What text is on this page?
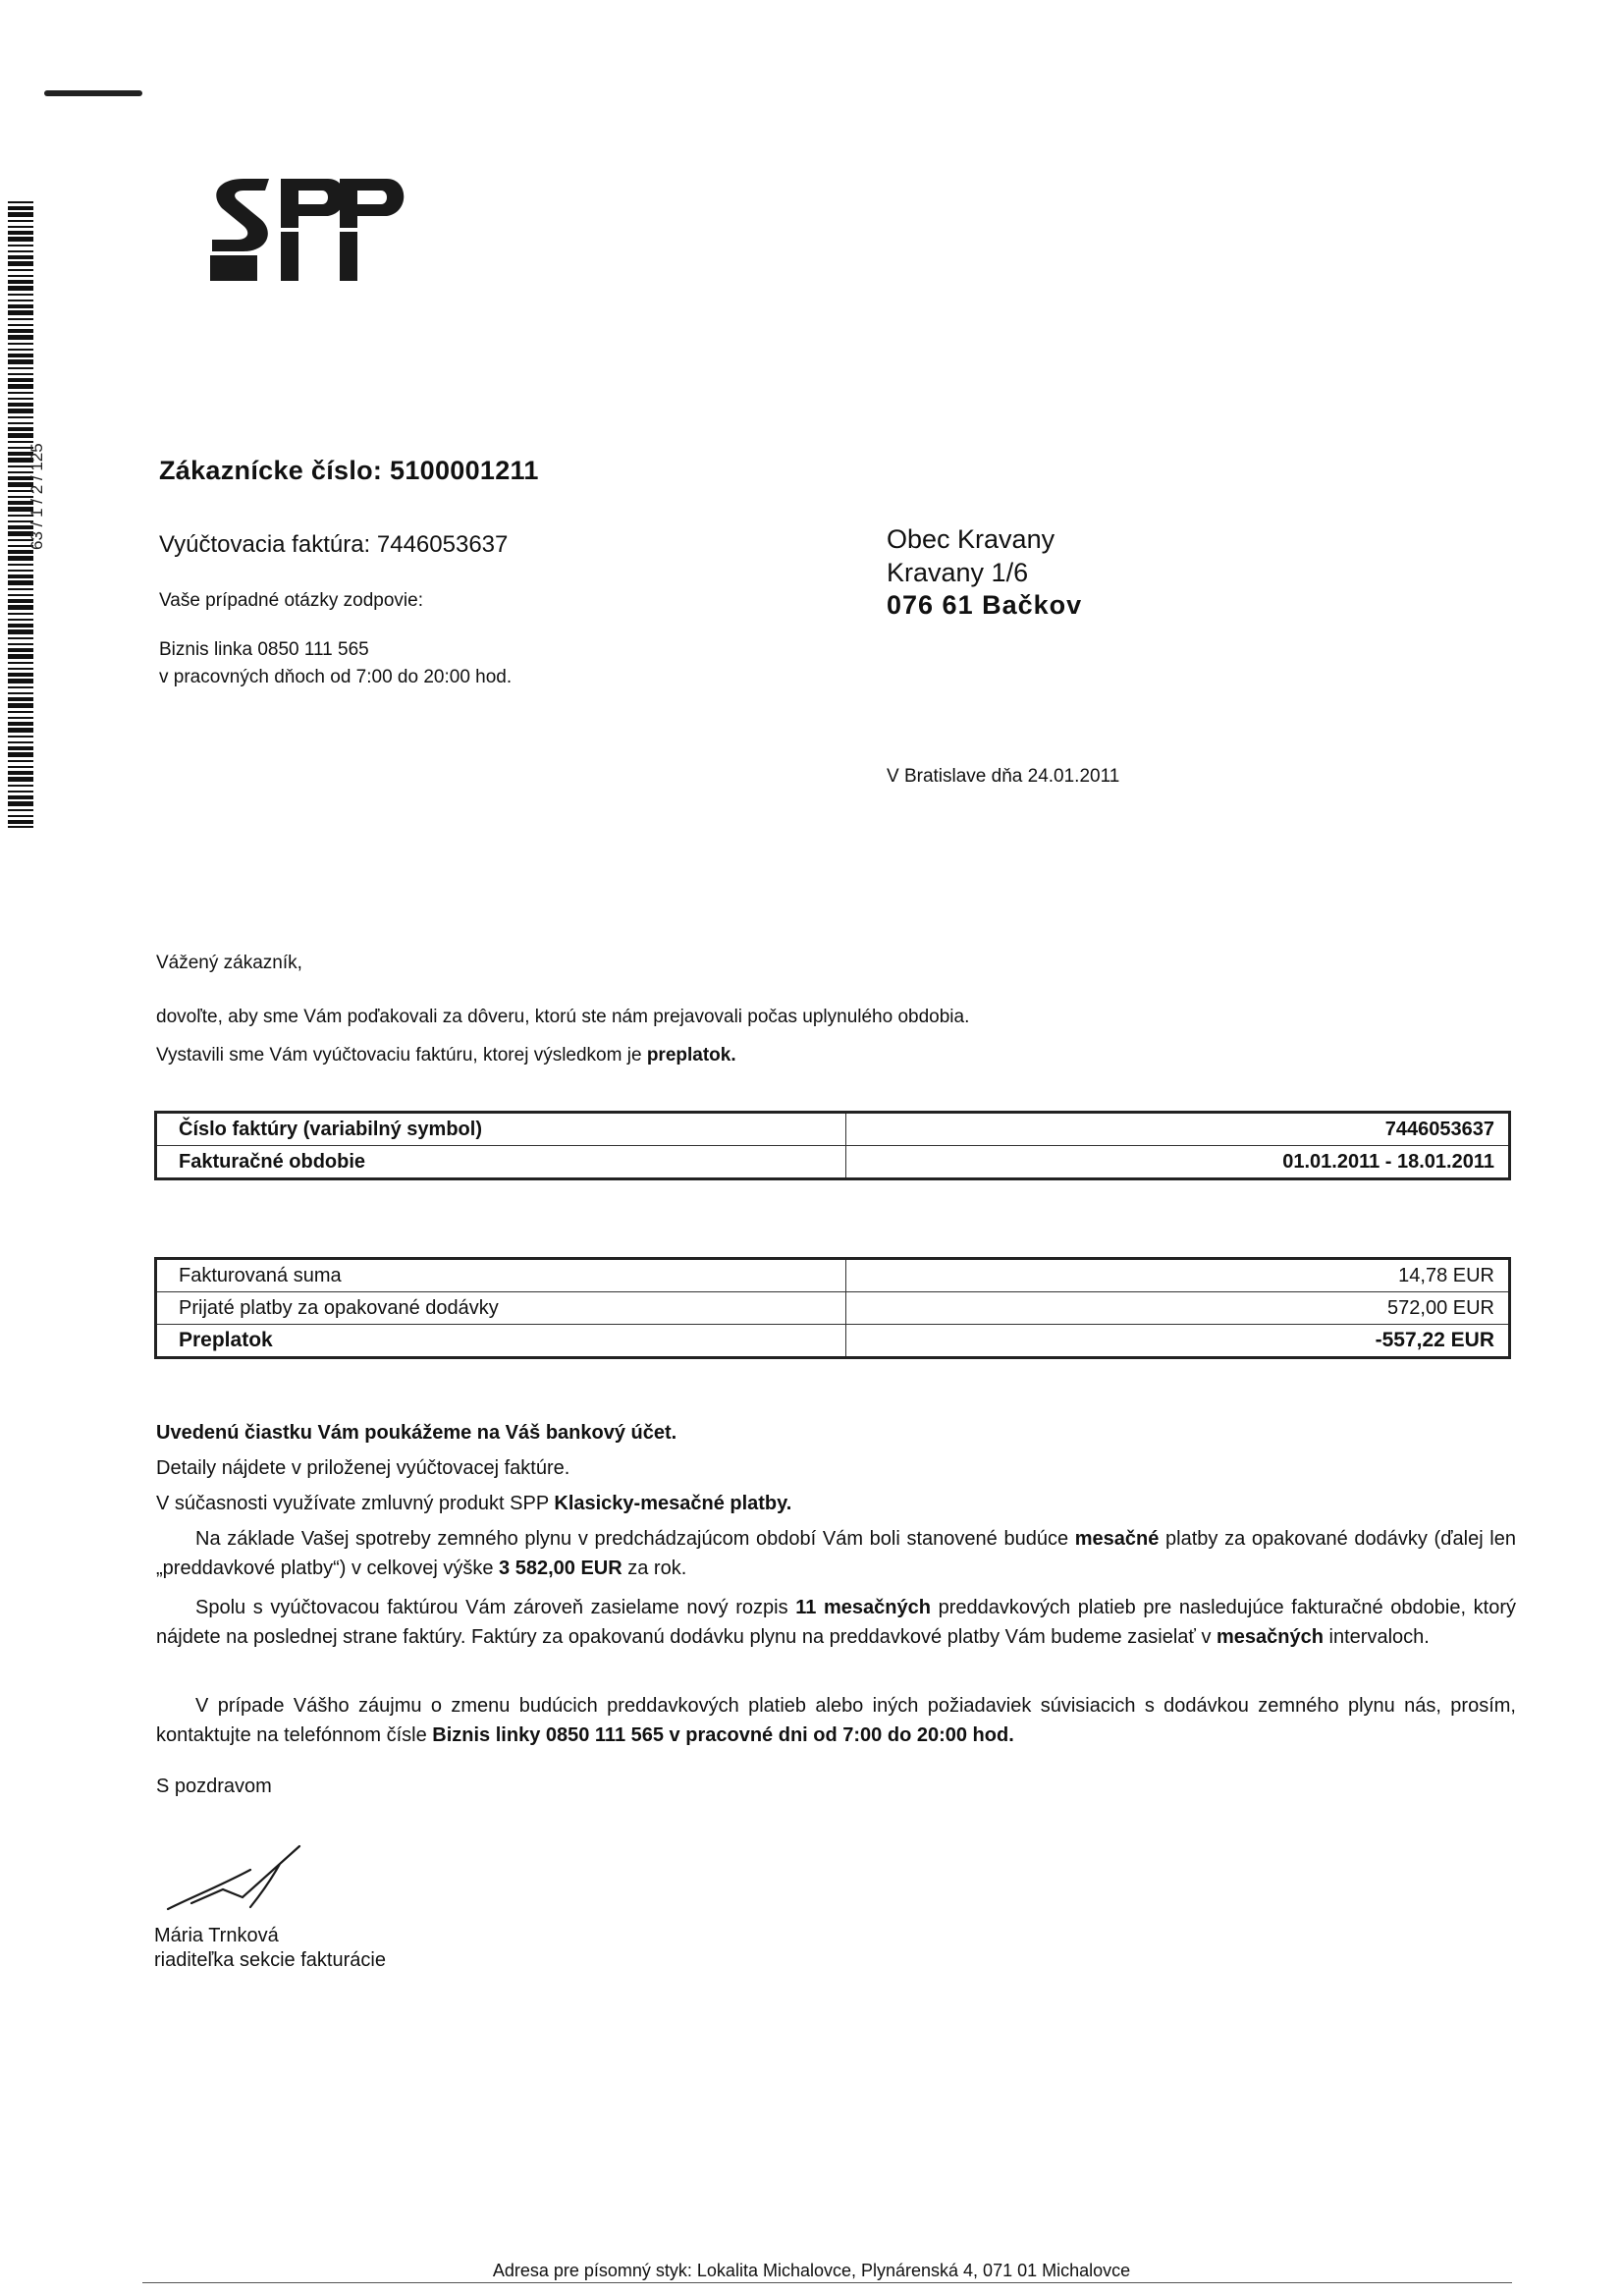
63 / 1 / 2 / 125	Zákaznícke číslo: 5100001211
Vyúčtovacia faktúra: 7446053637
Vaše prípadné otázky zodpovie:
Biznis linka 0850 111 565
v pracovných dňoch od 7:00 do 20:00 hod.
Obec Kravany
Kravany 1/6
076 61 Bačkov
V Bratislave dňa 24.01.2011
Vážený zákazník,
dovoľte, aby sme Vám poďakovali za dôveru, ktorú ste nám prejavovali počas uplynulého obdobia.
Vystavili sme Vám vyúčtovaciu faktúru, ktorej výsledkom je preplatok.
Číslo faktúry (variabilný symbol)	7446053637
Fakturačné obdobie	01.01.2011 - 18.01.2011
Fakturovaná suma	14,78 EUR
Prijaté platby za opakované dodávky	572,00 EUR
Preplatok	-557,22 EUR
Uvedenú čiastku Vám poukážeme na Váš bankový účet.
Detaily nájdete v priloženej vyúčtovacej faktúre.
V súčasnosti využívate zmluvný produkt SPP Klasicky-mesačné platby.
Na základe Vašej spotreby zemného plynu v predchádzajúcom období Vám boli stanovené budúce mesačné platby za opakované dodávky (ďalej len „preddavkové platby“) v celkovej výške 3 582,00 EUR za rok.
Spolu s vyúčtovacou faktúrou Vám zároveň zasielame nový rozpis 11 mesačných preddavkových platieb pre nasledujúce fakturačné obdobie, ktorý nájdete na poslednej strane faktúry. Faktúry za opakovanú dodávku plynu na preddavkové platby Vám budeme zasielať v mesačných intervaloch.
V prípade Vášho záujmu o zmenu budúcich preddavkových platieb alebo iných požiadaviek súvisiacich s dodávkou zemného plynu nás, prosím, kontaktujte na telefónnom čísle Biznis linky 0850 111 565 v pracovné dni od 7:00 do 20:00 hod.
S pozdravom
Mária Trnková
riaditeľka sekcie fakturácie
Adresa pre písomný styk: Lokalita Michalovce, Plynárenská 4, 071 01 Michalovce
